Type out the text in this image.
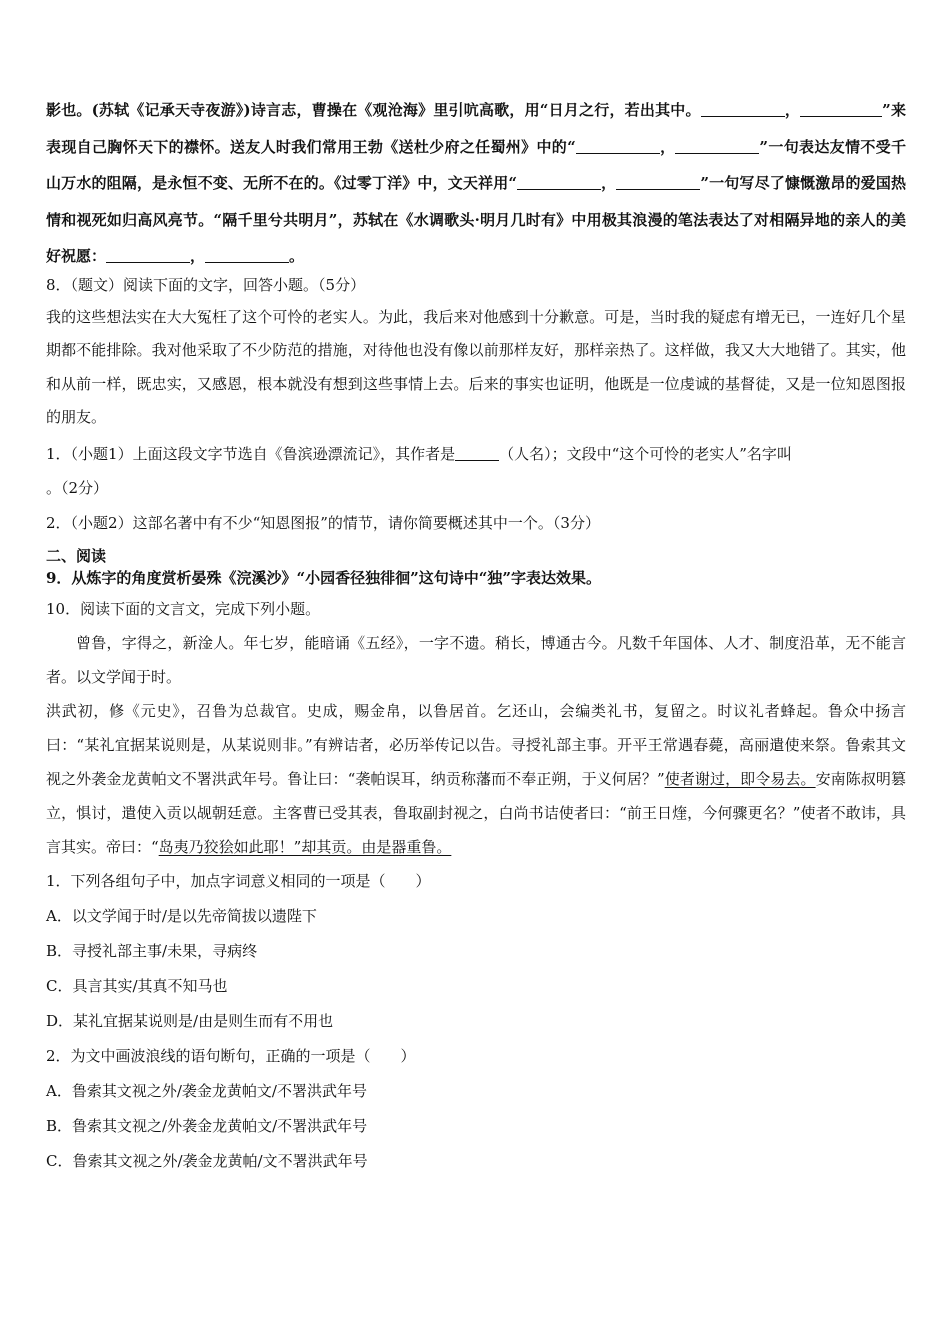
影也。(苏轼《记承天寺夜游》)诗言志，曹操在《观沧海》里引吭高歌，用“日月之行，若出其中。	，	”来表现自己胸怀天下的襟怀。送友人时我们常用王勃《送杜少府之任蜀州》中的“	，	”一句表达友情不受千山万水的阻隔，是永恒不变、无所不在的。《过零丁洋》中，文天祥用“	，	”一句写尽了慷慨激昂的爱国热情和视死如归高风亮节。“隔千里兮共明月”，苏轼在《水调歌头·明月几时有》中用极其浪漫的笔法表达了对相隔异地的亲人的美好祝愿：	，	。

8．（题文）阅读下面的文字，回答小题。（5分）

我的这些想法实在大大冤枉了这个可怜的老实人。为此，我后来对他感到十分歉意。可是，当时我的疑虑有增无已，一连好几个星期都不能排除。我对他采取了不少防范的措施，对待他也没有像以前那样友好，那样亲热了。这样做，我又大大地错了。其实，他和从前一样，既忠实，又感恩，根本就没有想到这些事情上去。后来的事实也证明，他既是一位虔诚的基督徒，又是一位知恩图报的朋友。

1．（小题1）上面这段文字节选自《鲁滨逊漂流记》，其作者是	（人名）；文段中“这个可怜的老实人”名字叫
。（2分）

2．（小题2）这部名著中有不少“知恩图报”的情节，请你简要概述其中一个。（3分）

二、阅读

9．从炼字的角度赏析晏殊《浣溪沙》“小园香径独徘徊”这句诗中“独”字表达效果。

10．阅读下面的文言文，完成下列小题。

曾鲁，字得之，新淦人。年七岁，能暗诵《五经》，一字不遗。稍长，博通古今。凡数千年国体、人才、制度沿革，无不能言者。以文学闻于时。

洪武初，修《元史》，召鲁为总裁官。史成，赐金帛，以鲁居首。乞还山，会编类礼书，复留之。时议礼者蜂起。鲁众中扬言曰：“某礼宜据某说则是，从某说则非。”有辨诘者，必历举传记以告。寻授礼部主事。开平王常遇春薨，高丽遣使来祭。鲁索其文视之外袭金龙黄帕文不署洪武年号。鲁让曰：“袭帕误耳，纳贡称藩而不奉正朔，于义何居？”使者谢过，即令易去。安南陈叔明篡立，惧讨，遣使入贡以觇朝廷意。主客曹已受其表，鲁取副封视之，白尚书诘使者曰：“前王日煃，今何骤更名？”使者不敢讳，具言其实。帝曰：“岛夷乃狡狯如此耶！”却其贡。由是器重鲁。

1．下列各组句子中，加点字词意义相同的一项是（　　）

A．以文学闻于时/是以先帝简拔以遗陛下

B．寻授礼部主事/未果，寻病终

C．具言其实/其真不知马也

D．某礼宜据某说则是/由是则生而有不用也

2．为文中画波浪线的语句断句，正确的一项是（　　）

A．鲁索其文视之外/袭金龙黄帕文/不署洪武年号

B．鲁索其文视之/外袭金龙黄帕文/不署洪武年号

C．鲁索其文视之外/袭金龙黄帕/文不署洪武年号
